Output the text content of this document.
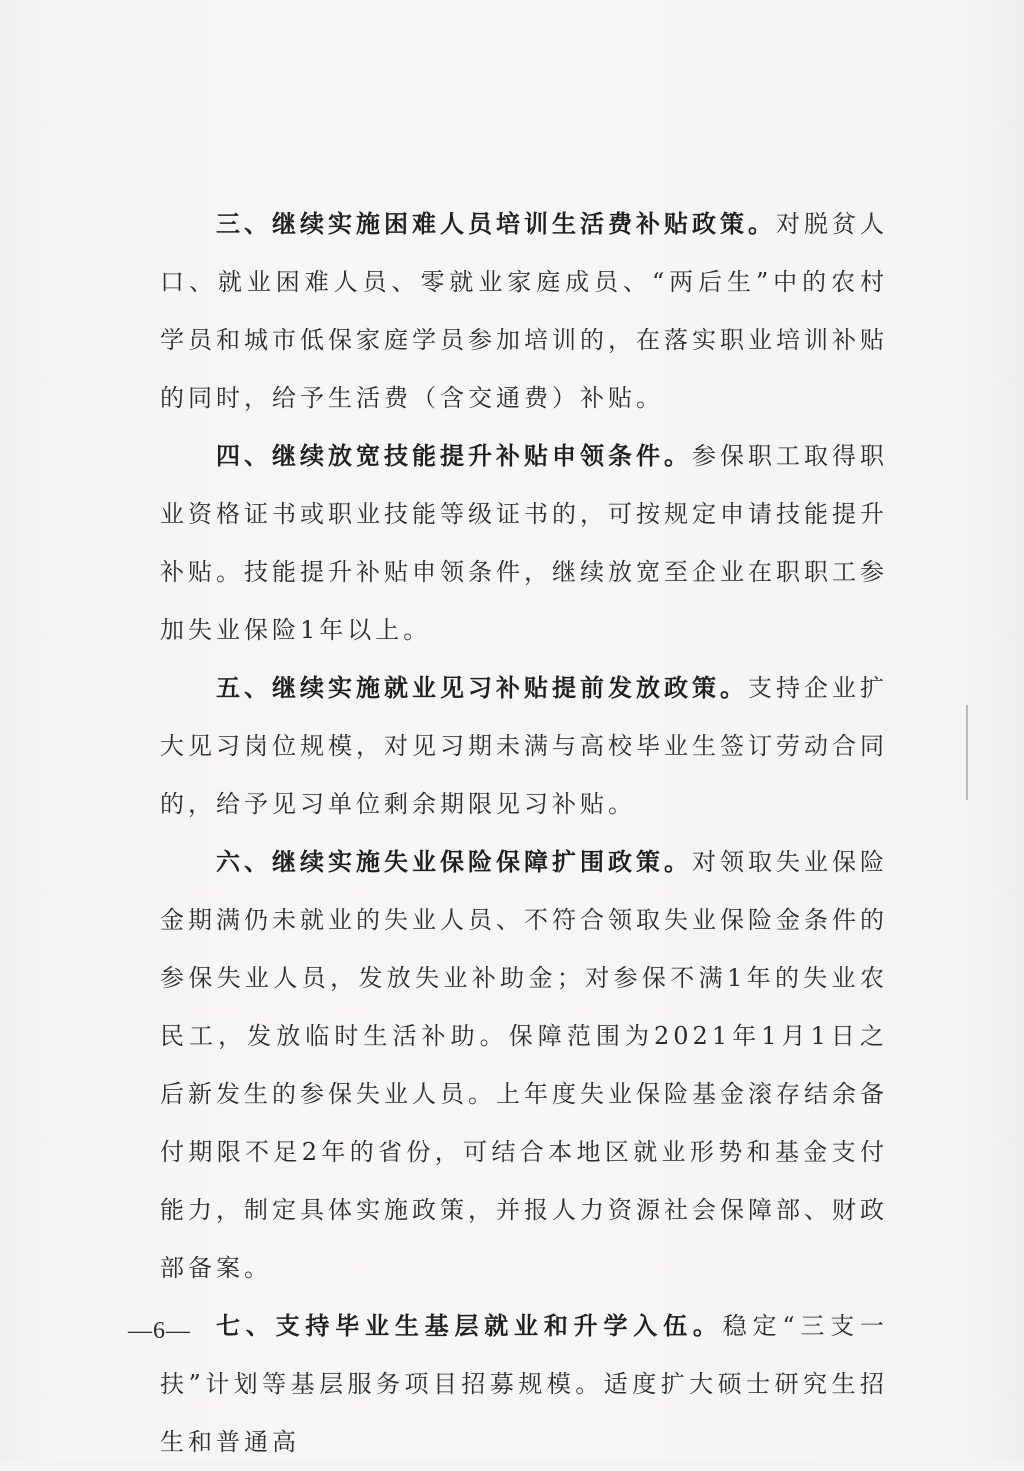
三、继续实施困难人员培训生活费补贴政策。对脱贫人口、就业困难人员、零就业家庭成员、“两后生”中的农村学员和城市低保家庭学员参加培训的，在落实职业培训补贴的同时，给予生活费（含交通费）补贴。

四、继续放宽技能提升补贴申领条件。参保职工取得职业资格证书或职业技能等级证书的，可按规定申请技能提升补贴。技能提升补贴申领条件，继续放宽至企业在职职工参加失业保险1年以上。

五、继续实施就业见习补贴提前发放政策。支持企业扩大见习岗位规模，对见习期未满与高校毕业生签订劳动合同的，给予见习单位剩余期限见习补贴。

六、继续实施失业保险保障扩围政策。对领取失业保险金期满仍未就业的失业人员、不符合领取失业保险金条件的参保失业人员，发放失业补助金；对参保不满1年的失业农民工，发放临时生活补助。保障范围为2021年1月1日之后新发生的参保失业人员。上年度失业保险基金滚存结余备付期限不足2年的省份，可结合本地区就业形势和基金支付能力，制定具体实施政策，并报人力资源社会保障部、财政部备案。

七、支持毕业生基层就业和升学入伍。稳定“三支一扶”计划等基层服务项目招募规模。适度扩大硕士研究生招生和普通高

—6—
